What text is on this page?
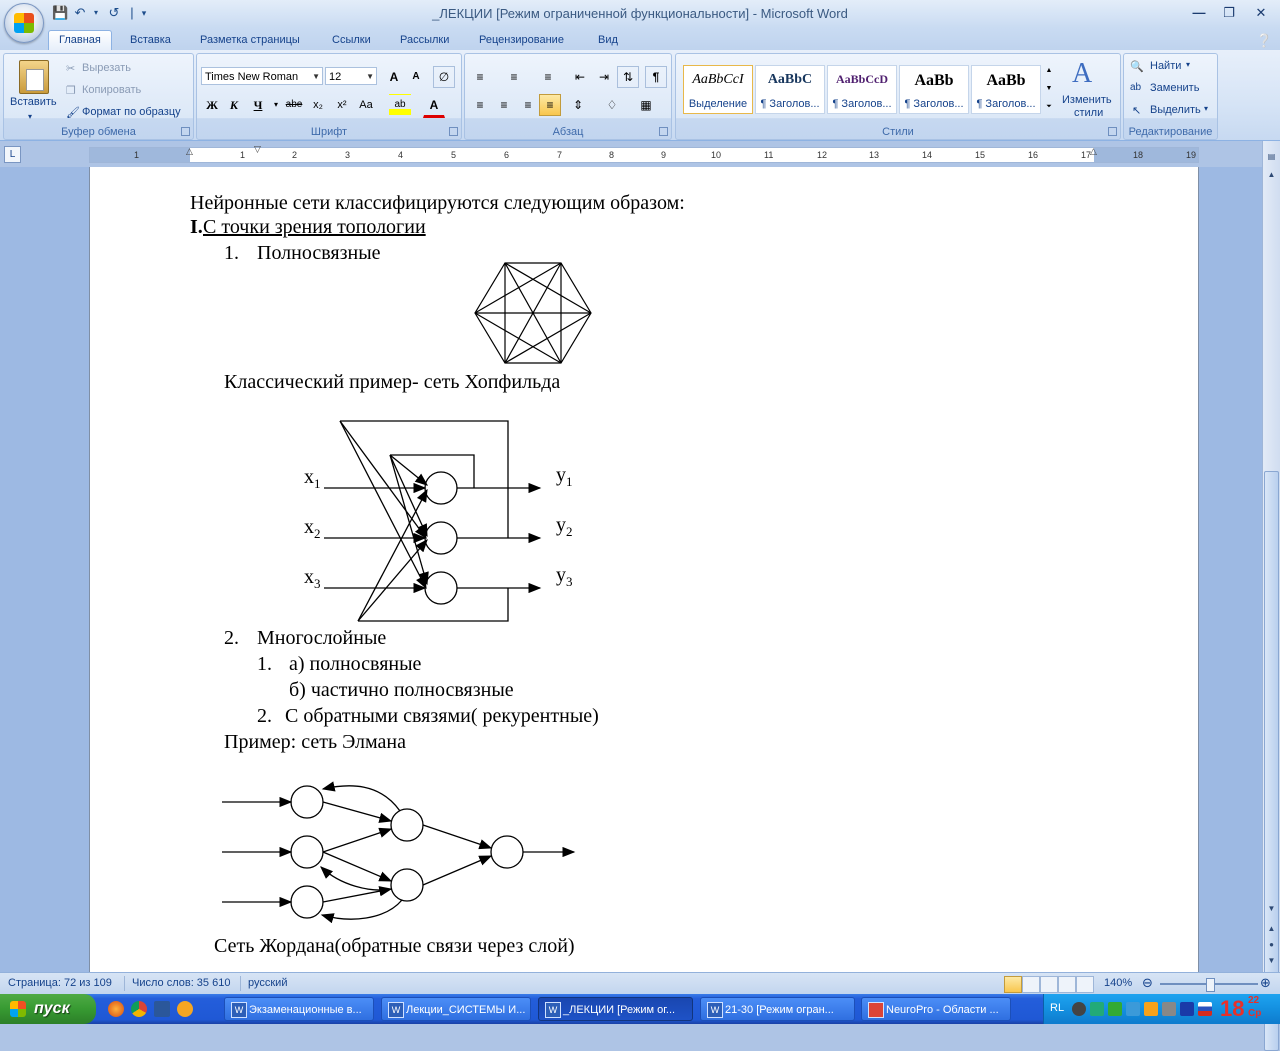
💾 ↶	▾ ↺ | ▾	_ЛЕКЦИИ [Режим ограниченной функциональности] - Microsoft Word	—	❐	✕
Главная	Вставка	Разметка страницы	Ссылки	Рассылки	Рецензирование	Вид	❔
Вставить
▾
✂ Вырезать
❐ Копировать
🖌 Формат по образцу
Буфер обмена
Times New Roman ▼ 12	▼	A	A	∅
Ж К	Ч	▾ abe x₂	x²	Aa	ab	A
Шрифт
≡	≡	≡	⇤	⇥	⇅	¶
≡	≡	≡	≡	⇕	♢	▦
Абзац
AaBbCcI
Выделение
AaBbC
¶ Заголов...
AaBbCcD
¶ Заголов...
AaBb
¶ Заголов...
AaBb
¶ Заголов...
▲
▼
⏷
A
Изменить
стили
Стили
🔍 Найти ▾
ab Заменить
↖ Выделить ▾
Редактирование
L	1	1	2	3	4	5	6	7	8	9	10	11	12	13	14	15	16	17	18	19
△	▽	△
Нейронные сети классифицируются следующим образом:
I. С точки зрения топологии
1. Полносвязные
Классический пример- сеть Хопфильда
$x_1$
$x_2$
$x_3$
$y_1$
$y_2$
$y_3$
2. Многослойные
1. а) полносвяные
б) частично полносвязные
2. С обратными связями( рекурентные)
Пример: сеть Элмана
Сеть Жордана(обратные связи через слой)
▤
▲
▼
▲
●
▼
Страница: 72 из 109 Число слов: 35 610 русский	140% ⊖	⊕
пуск	W Экзаменационные в...	W Лекции_СИСТЕМЫ И...	W _ЛЕКЦИИ [Режим ог...	W 21-30 [Режим огран...	NeuroPro - Области ...	RL	18 22
Ср
